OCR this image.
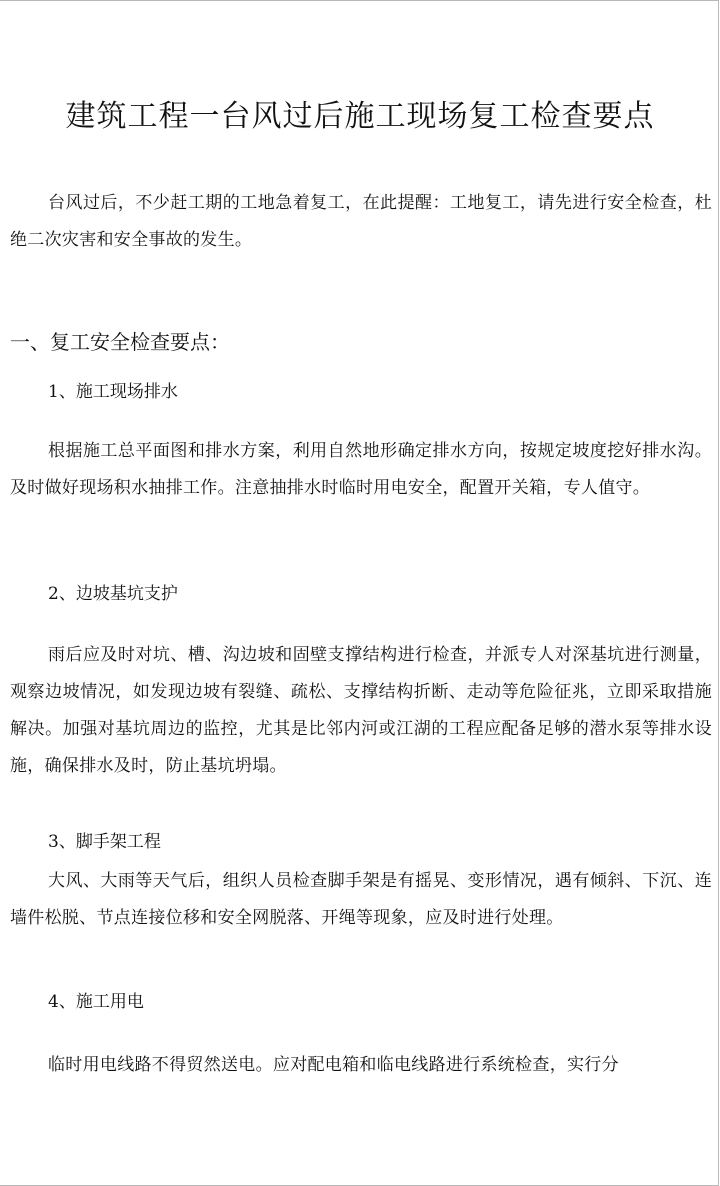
建筑工程一台风过后施工现场复工检查要点
台风过后，不少赶工期的工地急着复工，在此提醒：工地复工，请先进行安全检查，杜绝二次灾害和安全事故的发生。
一、复工安全检查要点：
1、施工现场排水
根据施工总平面图和排水方案，利用自然地形确定排水方向，按规定坡度挖好排水沟。及时做好现场积水抽排工作。注意抽排水时临时用电安全，配置开关箱，专人值守。
2、边坡基坑支护
雨后应及时对坑、槽、沟边坡和固壁支撑结构进行检查，并派专人对深基坑进行测量，观察边坡情况，如发现边坡有裂缝、疏松、支撑结构折断、走动等危险征兆，立即采取措施解决。加强对基坑周边的监控，尤其是比邻内河或江湖的工程应配备足够的潜水泵等排水设施，确保排水及时，防止基坑坍塌。
3、脚手架工程
大风、大雨等天气后，组织人员检查脚手架是有摇晃、变形情况，遇有倾斜、下沉、连墙件松脱、节点连接位移和安全网脱落、开绳等现象，应及时进行处理。
4、施工用电
临时用电线路不得贸然送电。应对配电箱和临电线路进行系统检查，实行分
